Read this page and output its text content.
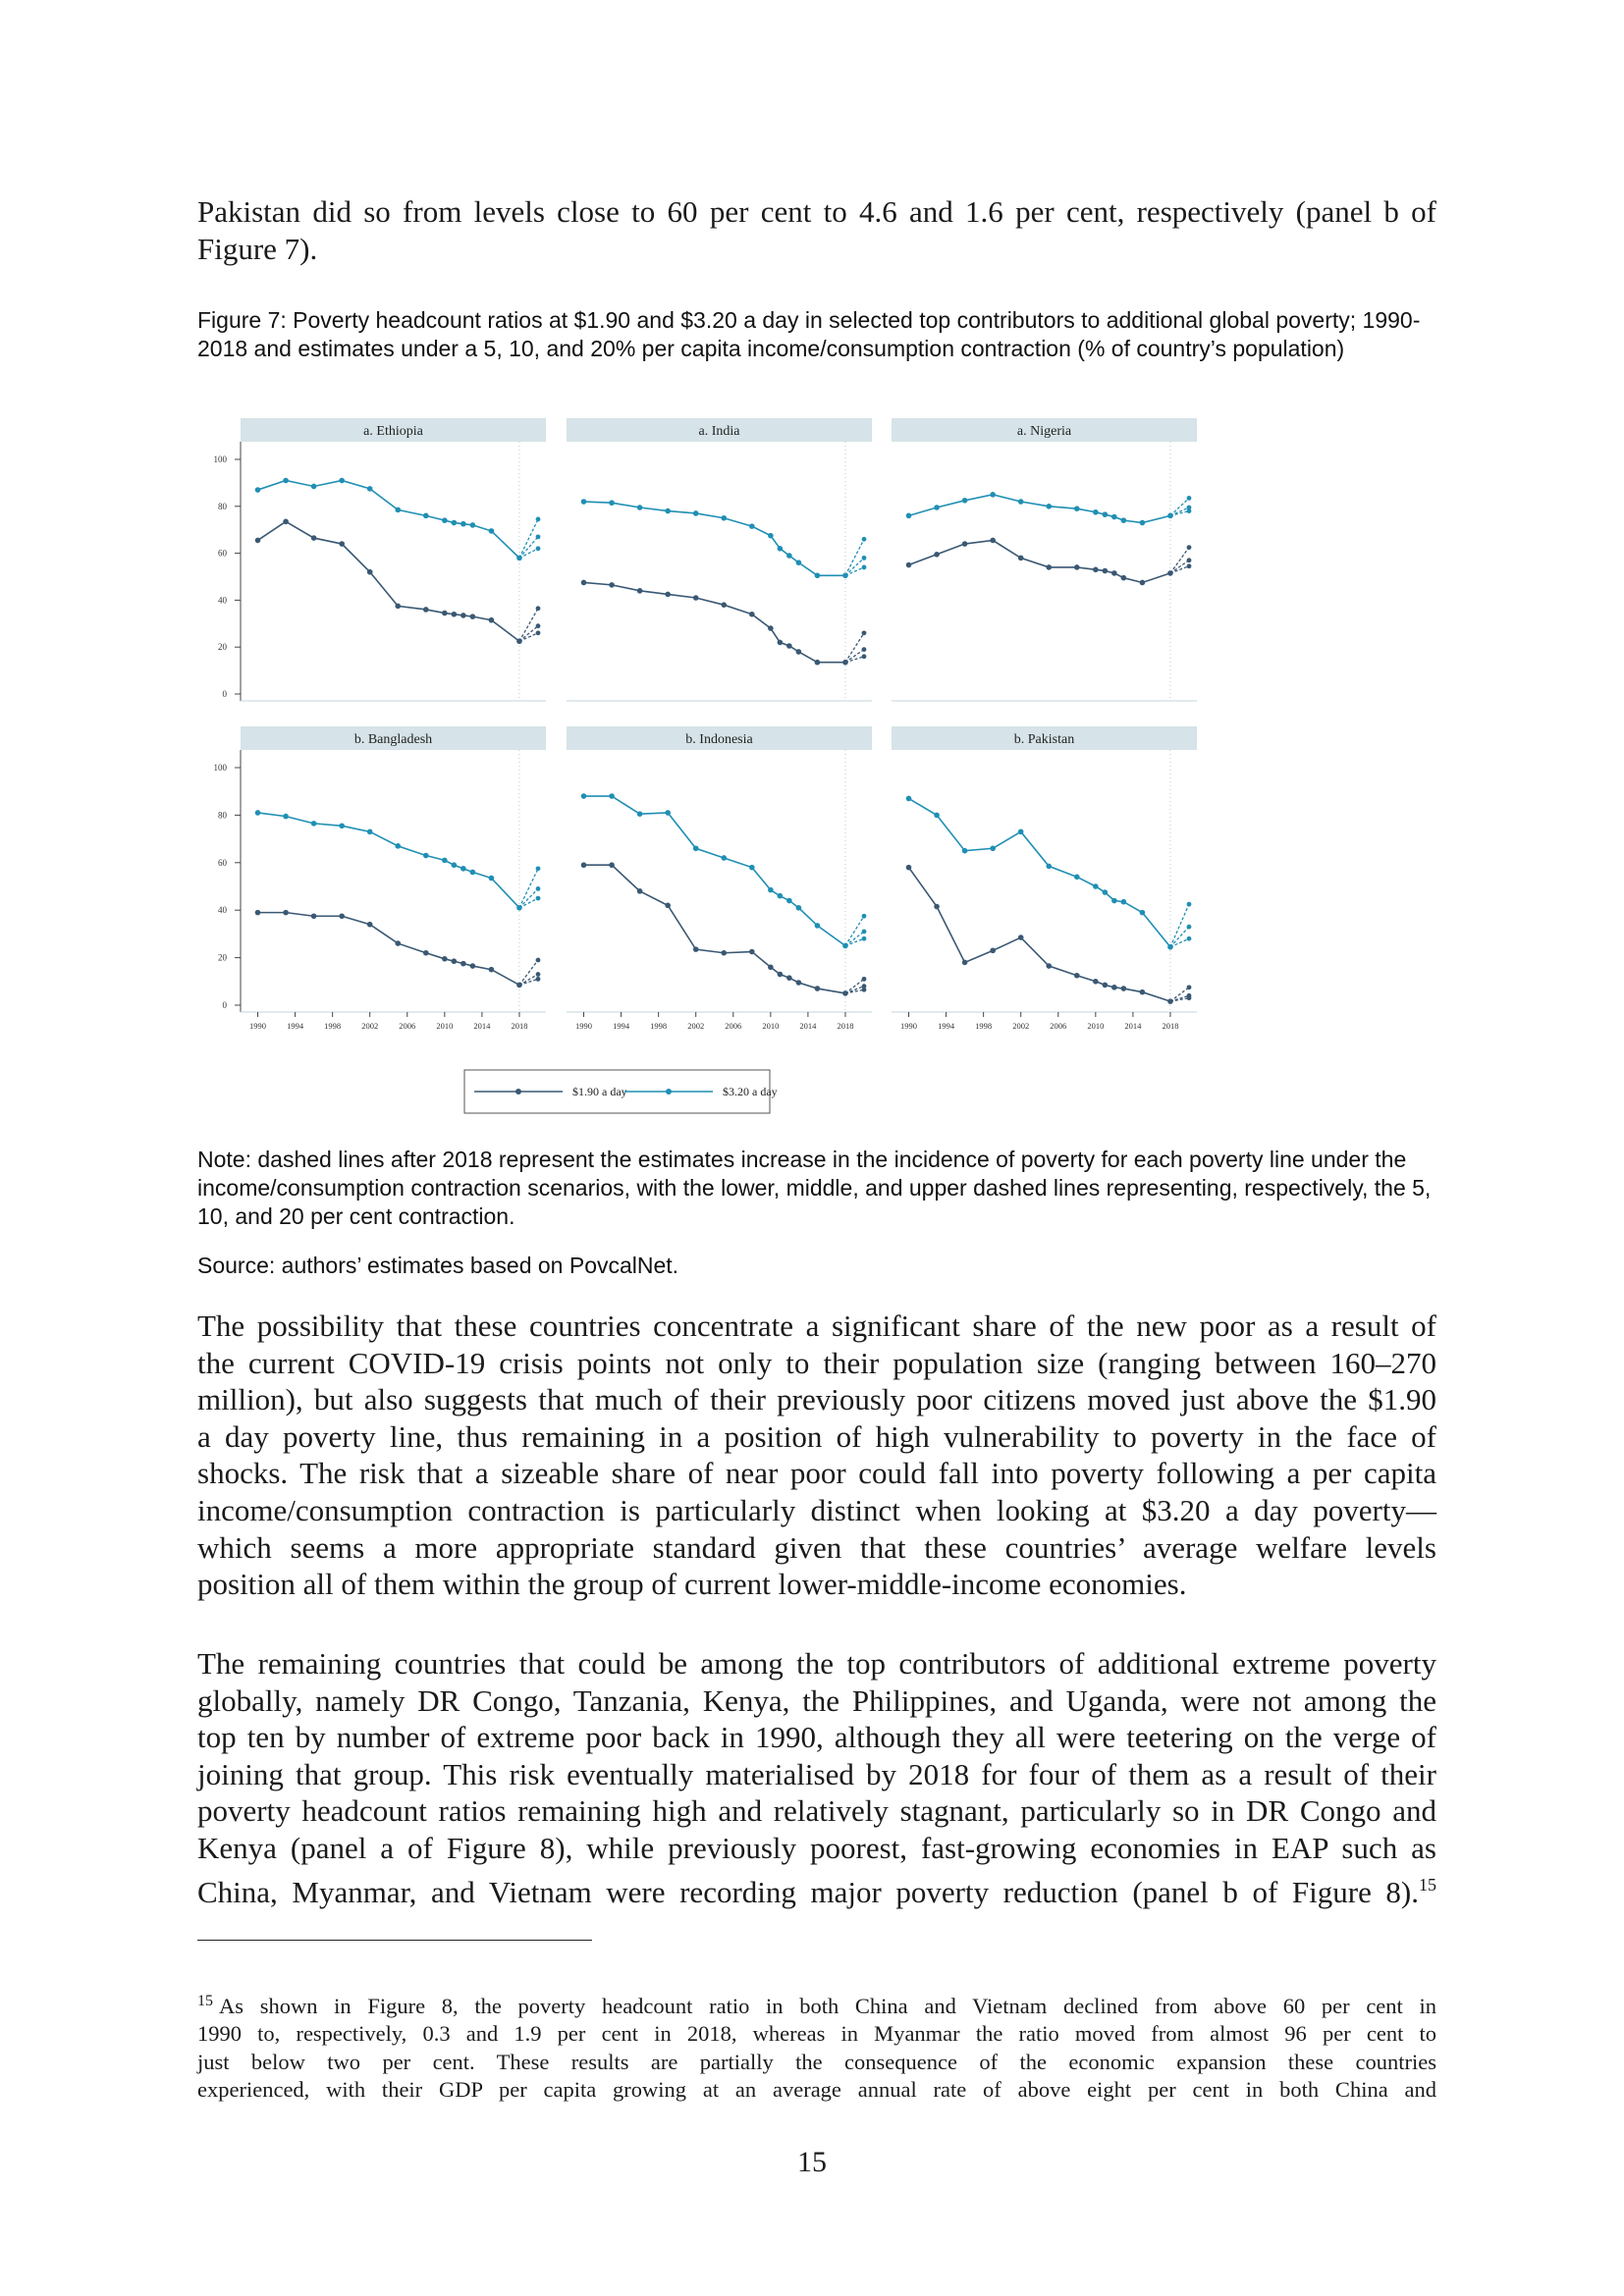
Pakistan did so from levels close to 60 per cent to 4.6 and 1.6 per cent, respectively (panel b of
Figure 7).
Figure 7: Poverty headcount ratios at $1.90 and $3.20 a day in selected top contributors to additional global poverty; 1990-2018 and estimates under a 5, 10, and 20% per capita income/consumption contraction (% of country’s population)
100
80
60
40
20
0
100
80
60
40
20
0
a. Ethiopia	a. India	a. Nigeria
b. Bangladesh
1990 1994 1998 2002 2006 2010 2014 2018
b. Indonesia
1990 1994 1998 2002 2006 2010 2014 2018
b. Pakistan
1990 1994 1998 2002 2006 2010 2014 2018
$1.90 a day	$3.20 a day
Note: dashed lines after 2018 represent the estimates increase in the incidence of poverty for each poverty line under the income/consumption contraction scenarios, with the lower, middle, and upper dashed lines representing, respectively, the 5, 10, and 20 per cent contraction.
Source: authors’ estimates based on PovcalNet.
The possibility that these countries concentrate a significant share of the new poor as a result of
the current COVID-19 crisis points not only to their population size (ranging between 160–270
million), but also suggests that much of their previously poor citizens moved just above the $1.90
a day poverty line, thus remaining in a position of high vulnerability to poverty in the face of
shocks. The risk that a sizeable share of near poor could fall into poverty following a per capita
income/consumption contraction is particularly distinct when looking at $3.20 a day poverty—
which seems a more appropriate standard given that these countries’ average welfare levels
position all of them within the group of current lower-middle-income economies.
The remaining countries that could be among the top contributors of additional extreme poverty
globally, namely DR Congo, Tanzania, Kenya, the Philippines, and Uganda, were not among the
top ten by number of extreme poor back in 1990, although they all were teetering on the verge of
joining that group. This risk eventually materialised by 2018 for four of them as a result of their
poverty headcount ratios remaining high and relatively stagnant, particularly so in DR Congo and
Kenya (panel a of Figure 8), while previously poorest, fast-growing economies in EAP such as
China, Myanmar, and Vietnam were recording major poverty reduction (panel b of Figure 8).$^{15}$
$^{15}$ As shown in Figure 8, the poverty headcount ratio in both China and Vietnam declined from above 60 per cent in
1990 to, respectively, 0.3 and 1.9 per cent in 2018, whereas in Myanmar the ratio moved from almost 96 per cent to
just below two per cent. These results are partially the consequence of the economic expansion these countries
experienced, with their GDP per capita growing at an average annual rate of above eight per cent in both China and
15
